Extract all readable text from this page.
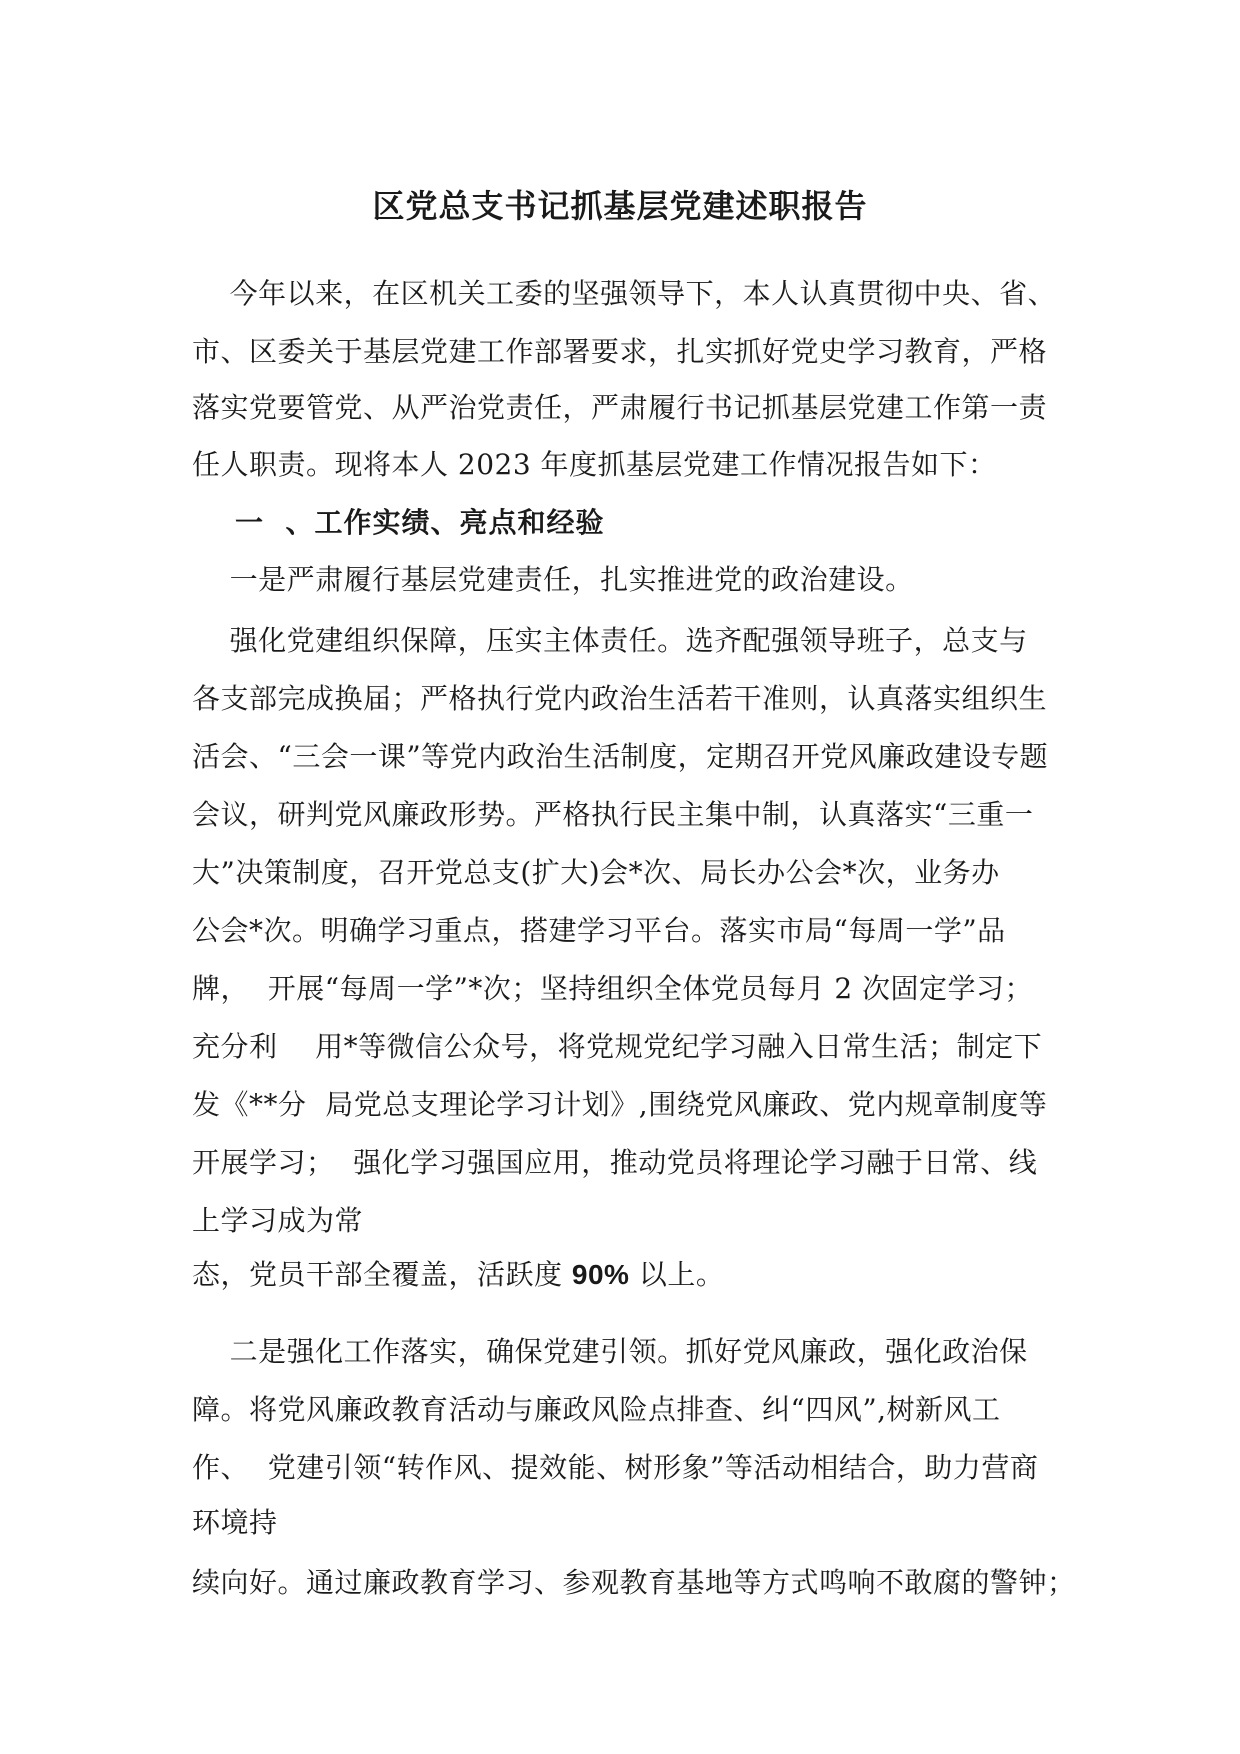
区党总支书记抓基层党建述职报告
今年以来，在区机关工委的坚强领导下，本人认真贯彻中央、省、
市、区委关于基层党建工作部署要求，扎实抓好党史学习教育，严格
落实党要管党、从严治党责任，严肃履行书记抓基层党建工作第一责
任人职责。现将本人 2023 年度抓基层党建工作情况报告如下：
一  、工作实绩、亮点和经验
一是严肃履行基层党建责任，扎实推进党的政治建设。
强化党建组织保障，压实主体责任。选齐配强领导班子，总支与
各支部完成换届；严格执行党内政治生活若干准则，认真落实组织生
活会、“三会一课”等党内政治生活制度，定期召开党风廉政建设专题
会议，研判党风廉政形势。严格执行民主集中制，认真落实“三重一
大”决策制度，召开党总支(扩大)会*次、局长办公会*次，业务办
公会*次。明确学习重点，搭建学习平台。落实市局“每周一学”品
牌，  开展“每周一学”*次；坚持组织全体党员每月 2 次固定学习；
充分利    用*等微信公众号，将党规党纪学习融入日常生活；制定下
发《**分  局党总支理论学习计划》,围绕党风廉政、党内规章制度等
开展学习；  强化学习强国应用，推动党员将理论学习融于日常、线
上学习成为常
态，党员干部全覆盖，活跃度 90% 以上。
二是强化工作落实，确保党建引领。抓好党风廉政，强化政治保
障。将党风廉政教育活动与廉政风险点排查、纠“四风”,树新风工
作、  党建引领“转作风、提效能、树形象”等活动相结合，助力营商
环境持
续向好。通过廉政教育学习、参观教育基地等方式鸣响不敢腐的警钟；
